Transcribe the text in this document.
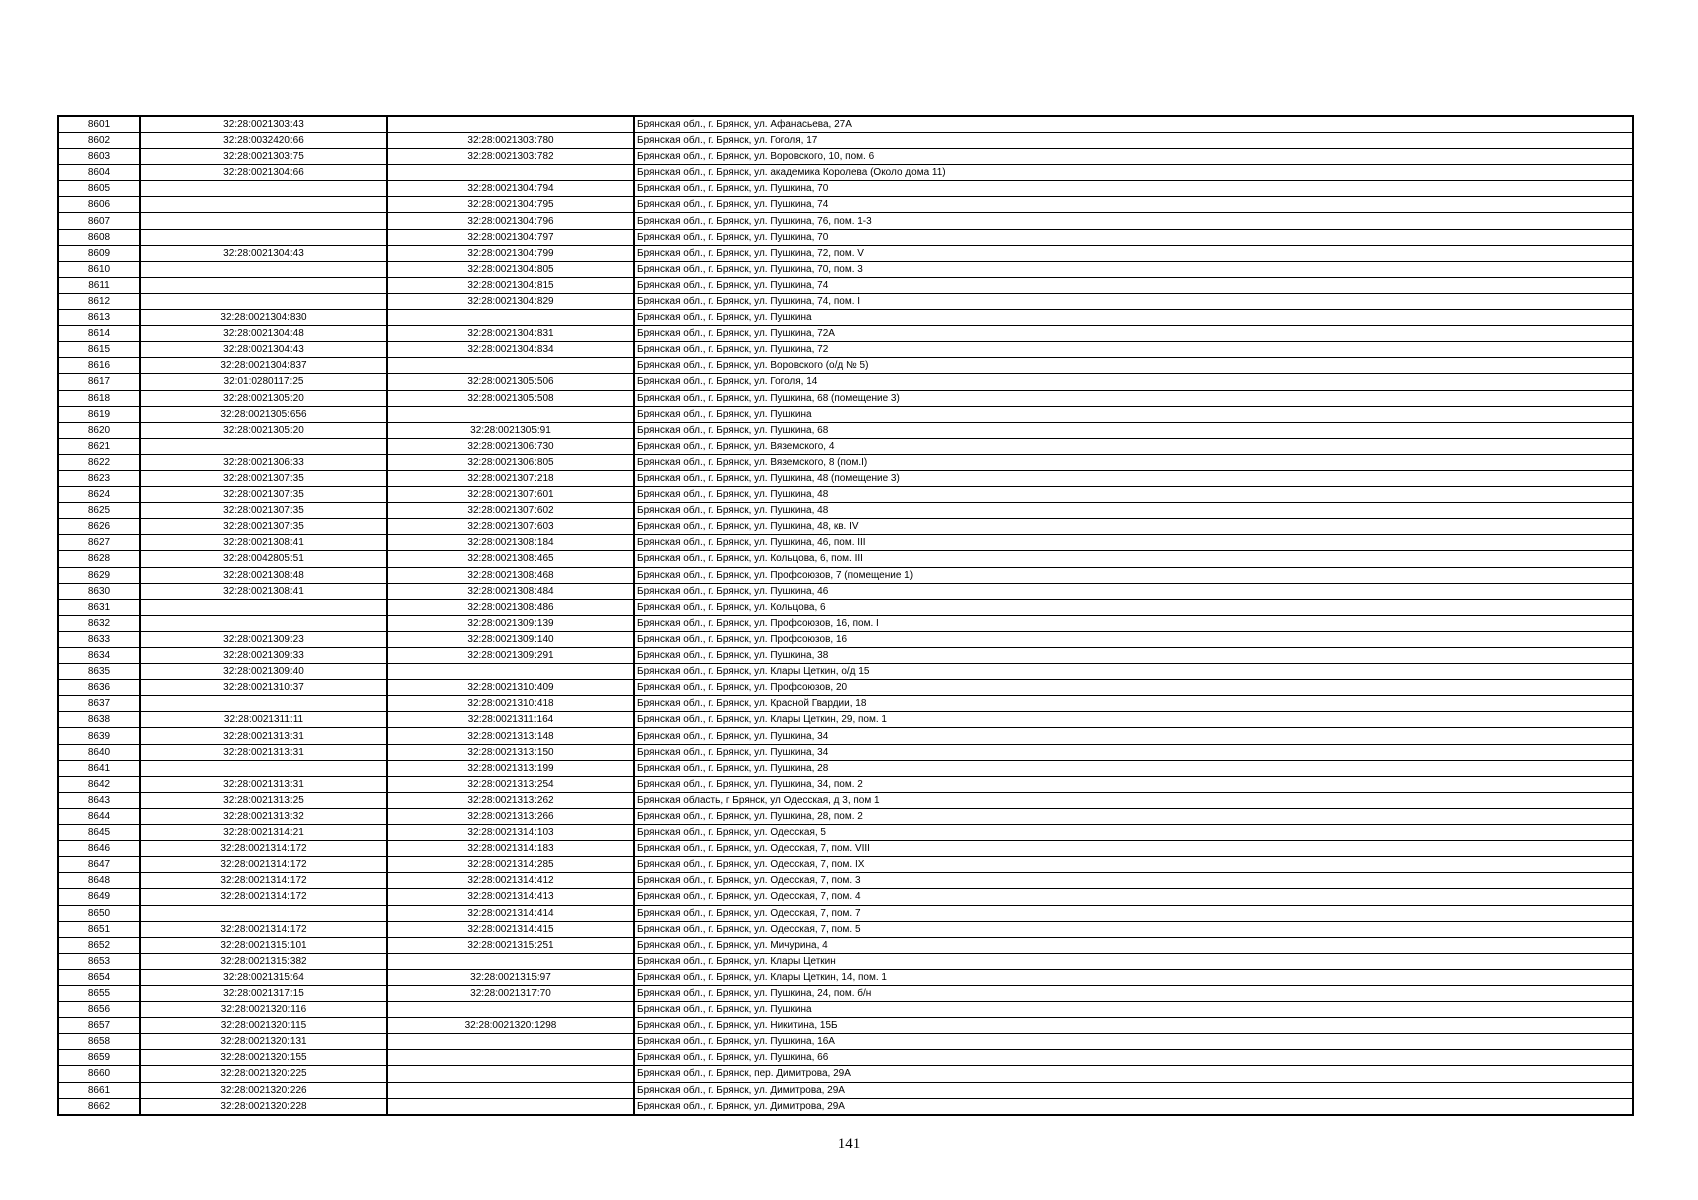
8601	32:28:0021303:43		Брянская обл., г. Брянск, ул. Афанасьева, 27А
8602	32:28:0032420:66	32:28:0021303:780	Брянская обл., г. Брянск, ул. Гоголя, 17
8603	32:28:0021303:75	32:28:0021303:782	Брянская обл., г. Брянск, ул. Воровского, 10, пом. 6
8604	32:28:0021304:66		Брянская обл., г. Брянск, ул. академика Королева (Около дома 11)
8605		32:28:0021304:794	Брянская обл., г. Брянск, ул. Пушкина, 70
8606		32:28:0021304:795	Брянская обл., г. Брянск, ул. Пушкина, 74
8607		32:28:0021304:796	Брянская обл., г. Брянск, ул. Пушкина, 76, пом. 1-3
8608		32:28:0021304:797	Брянская обл., г. Брянск, ул. Пушкина, 70
8609	32:28:0021304:43	32:28:0021304:799	Брянская обл., г. Брянск, ул. Пушкина, 72, пом. V
8610		32:28:0021304:805	Брянская обл., г. Брянск, ул. Пушкина, 70, пом. 3
8611		32:28:0021304:815	Брянская обл., г. Брянск, ул. Пушкина, 74
8612		32:28:0021304:829	Брянская обл., г. Брянск, ул. Пушкина, 74, пом. I
8613	32:28:0021304:830		Брянская обл., г. Брянск, ул. Пушкина
8614	32:28:0021304:48	32:28:0021304:831	Брянская обл., г. Брянск, ул. Пушкина, 72А
8615	32:28:0021304:43	32:28:0021304:834	Брянская обл., г. Брянск, ул. Пушкина, 72
8616	32:28:0021304:837		Брянская обл., г. Брянск, ул. Воровского (о/д № 5)
8617	32:01:0280117:25	32:28:0021305:506	Брянская обл., г. Брянск, ул. Гоголя, 14
8618	32:28:0021305:20	32:28:0021305:508	Брянская обл., г. Брянск, ул. Пушкина, 68 (помещение 3)
8619	32:28:0021305:656		Брянская обл., г. Брянск, ул. Пушкина
8620	32:28:0021305:20	32:28:0021305:91	Брянская обл., г. Брянск, ул. Пушкина, 68
8621		32:28:0021306:730	Брянская обл., г. Брянск, ул. Вяземского, 4
8622	32:28:0021306:33	32:28:0021306:805	Брянская обл., г. Брянск, ул. Вяземского, 8 (пом.I)
8623	32:28:0021307:35	32:28:0021307:218	Брянская обл., г. Брянск, ул. Пушкина, 48 (помещение 3)
8624	32:28:0021307:35	32:28:0021307:601	Брянская обл., г. Брянск, ул. Пушкина, 48
8625	32:28:0021307:35	32:28:0021307:602	Брянская обл., г. Брянск, ул. Пушкина, 48
8626	32:28:0021307:35	32:28:0021307:603	Брянская обл., г. Брянск, ул. Пушкина, 48, кв. IV
8627	32:28:0021308:41	32:28:0021308:184	Брянская обл., г. Брянск, ул. Пушкина, 46, пом. III
8628	32:28:0042805:51	32:28:0021308:465	Брянская обл., г. Брянск, ул. Кольцова, 6, пом. III
8629	32:28:0021308:48	32:28:0021308:468	Брянская обл., г. Брянск, ул. Профсоюзов, 7 (помещение 1)
8630	32:28:0021308:41	32:28:0021308:484	Брянская обл., г. Брянск, ул. Пушкина, 46
8631		32:28:0021308:486	Брянская обл., г. Брянск, ул. Кольцова, 6
8632		32:28:0021309:139	Брянская обл., г. Брянск, ул. Профсоюзов, 16, пом. I
8633	32:28:0021309:23	32:28:0021309:140	Брянская обл., г. Брянск, ул. Профсоюзов, 16
8634	32:28:0021309:33	32:28:0021309:291	Брянская обл., г. Брянск, ул. Пушкина, 38
8635	32:28:0021309:40		Брянская обл., г. Брянск, ул. Клары Цеткин, о/д 15
8636	32:28:0021310:37	32:28:0021310:409	Брянская обл., г. Брянск, ул. Профсоюзов, 20
8637		32:28:0021310:418	Брянская обл., г. Брянск, ул. Красной Гвардии, 18
8638	32:28:0021311:11	32:28:0021311:164	Брянская обл., г. Брянск, ул. Клары Цеткин, 29, пом. 1
8639	32:28:0021313:31	32:28:0021313:148	Брянская обл., г. Брянск, ул. Пушкина, 34
8640	32:28:0021313:31	32:28:0021313:150	Брянская обл., г. Брянск, ул. Пушкина, 34
8641		32:28:0021313:199	Брянская обл., г. Брянск, ул. Пушкина, 28
8642	32:28:0021313:31	32:28:0021313:254	Брянская обл., г. Брянск, ул. Пушкина, 34, пом. 2
8643	32:28:0021313:25	32:28:0021313:262	Брянская область, г Брянск, ул Одесская, д 3, пом 1
8644	32:28:0021313:32	32:28:0021313:266	Брянская обл., г. Брянск, ул. Пушкина, 28, пом. 2
8645	32:28:0021314:21	32:28:0021314:103	Брянская обл., г. Брянск, ул. Одесская, 5
8646	32:28:0021314:172	32:28:0021314:183	Брянская обл., г. Брянск, ул. Одесская, 7, пом. VIII
8647	32:28:0021314:172	32:28:0021314:285	Брянская обл., г. Брянск, ул. Одесская, 7, пом. IX
8648	32:28:0021314:172	32:28:0021314:412	Брянская обл., г. Брянск, ул. Одесская, 7, пом. 3
8649	32:28:0021314:172	32:28:0021314:413	Брянская обл., г. Брянск, ул. Одесская, 7, пом. 4
8650		32:28:0021314:414	Брянская обл., г. Брянск, ул. Одесская, 7, пом. 7
8651	32:28:0021314:172	32:28:0021314:415	Брянская обл., г. Брянск, ул. Одесская, 7, пом. 5
8652	32:28:0021315:101	32:28:0021315:251	Брянская обл., г. Брянск, ул. Мичурина, 4
8653	32:28:0021315:382		Брянская обл., г. Брянск, ул. Клары Цеткин
8654	32:28:0021315:64	32:28:0021315:97	Брянская обл., г. Брянск, ул. Клары Цеткин, 14, пом. 1
8655	32:28:0021317:15	32:28:0021317:70	Брянская обл., г. Брянск, ул. Пушкина, 24, пом. б/н
8656	32:28:0021320:116		Брянская обл., г. Брянск, ул. Пушкина
8657	32:28:0021320:115	32:28:0021320:1298	Брянская обл., г. Брянск, ул. Никитина, 15Б
8658	32:28:0021320:131		Брянская обл., г. Брянск, ул. Пушкина, 16А
8659	32:28:0021320:155		Брянская обл., г. Брянск, ул. Пушкина, 66
8660	32:28:0021320:225		Брянская обл., г. Брянск, пер. Димитрова, 29А
8661	32:28:0021320:226		Брянская обл., г. Брянск, ул. Димитрова, 29А
8662	32:28:0021320:228		Брянская обл., г. Брянск, ул. Димитрова, 29А
141
